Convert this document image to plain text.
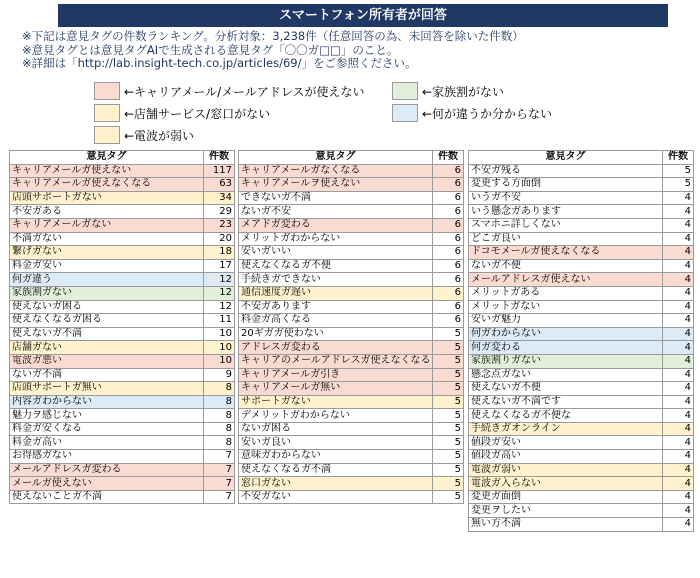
スマートフォン所有者が回答
※下記は意見タグの件数ランキング。分析対象：3,238件（任意回答の為、未回答を除いた件数）
※意見タグとは意見タグAIで生成される意見タグ「〇〇ガ□□」のこと。
※詳細は「http://lab.insight-tech.co.jp/articles/69/」をご参照ください。
←キャリアメール/メールアドレスが使えない
←店舗サービス/窓口がない
←電波が弱い
←家族割がない
←何が違うか分からない
意見タグ	件数
キャリアメールガ使えない	117
キャリアメールガ使えなくなる	63
店頭サポートガない	34
不安ガある	29
キャリアメールガない	23
不満ガない	20
繋げガない	18
料金ガ安い	17
何ガ違う	12
家族割ガない	12
使えないガ困る	12
使えなくなるガ困る	11
使えないガ不満	10
店舗ガない	10
電波ガ悪い	10
ないガ不満	9
店頭サポートガ無い	8
内容ガわからない	8
魅力ヲ感じない	8
料金ガ安くなる	8
料金ガ高い	8
お得感ガない	7
メールアドレスガ変わる	7
メールガ使えない	7
使えないことガ不満	7
意見タグ	件数
キャリアメールガなくなる	6
キャリアメールヲ使えない	6
できないガ不満	6
ないガ不安	6
メアドガ変わる	6
メリットガわからない	6
安いガいい	6
使えなくなるガ不便	6
手続きガできない	6
通信速度ガ遅い	6
不安ガあります	6
料金ガ高くなる	6
20ギガガ使わない	5
アドレスガ変わる	5
キャリアのメールアドレスガ使えなくなる	5
キャリアメールガ引き	5
キャリアメールガ無い	5
サポートガない	5
デメリットガわからない	5
ないガ困る	5
安いガ良い	5
意味ガわからない	5
使えなくなるガ不満	5
窓口ガない	5
不安ガない	5
意見タグ	件数
不安ガ残る	5
変更する方面倒	5
いうガ不安	4
いう懸念ガあります	4
スマホニ詳しくない	4
どこガ良い	4
ドコモメールガ使えなくなる	4
ないガ不便	4
メールアドレスガ使えない	4
メリットガある	4
メリットガない	4
安いガ魅力	4
何ガわからない	4
何ガ変わる	4
家族割りガない	4
懸念点ガない	4
使えないガ不便	4
使えないガ不満です	4
使えなくなるガ不便な	4
手続きガオンライン	4
値段ガ安い	4
値段ガ高い	4
電波ガ弱い	4
電波ガ入らない	4
変更ガ面倒	4
変更ヲしたい	4
無い方不満	4
